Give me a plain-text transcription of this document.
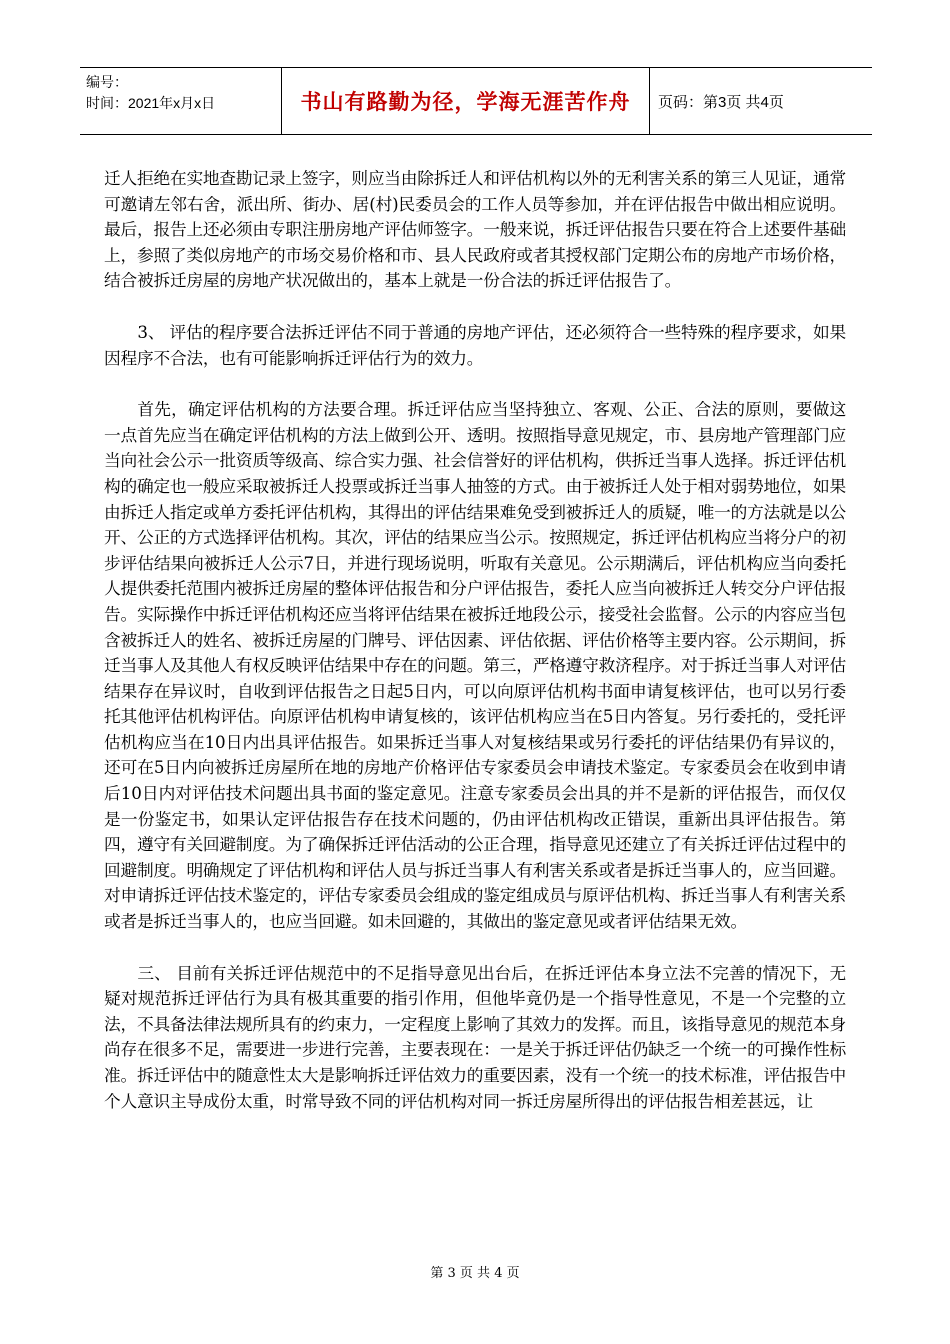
编号：
时间：2021年x月x日	书山有路勤为径，学海无涯苦作舟	页码：第3页 共4页

迁人拒绝在实地查勘记录上签字，则应当由除拆迁人和评估机构以外的无利害关系的第三人见证，通常可邀请左邻右舍，派出所、街办、居(村)民委员会的工作人员等参加，并在评估报告中做出相应说明。最后，报告上还必须由专职注册房地产评估师签字。一般来说，拆迁评估报告只要在符合上述要件基础上，参照了类似房地产的市场交易价格和市、县人民政府或者其授权部门定期公布的房地产市场价格，结合被拆迁房屋的房地产状况做出的，基本上就是一份合法的拆迁评估报告了。

3、 评估的程序要合法拆迁评估不同于普通的房地产评估，还必须符合一些特殊的程序要求，如果因程序不合法，也有可能影响拆迁评估行为的效力。

首先，确定评估机构的方法要合理。拆迁评估应当坚持独立、客观、公正、合法的原则，要做这一点首先应当在确定评估机构的方法上做到公开、透明。按照指导意见规定，市、县房地产管理部门应当向社会公示一批资质等级高、综合实力强、社会信誉好的评估机构，供拆迁当事人选择。拆迁评估机构的确定也一般应采取被拆迁人投票或拆迁当事人抽签的方式。由于被拆迁人处于相对弱势地位，如果由拆迁人指定或单方委托评估机构，其得出的评估结果难免受到被拆迁人的质疑，唯一的方法就是以公开、公正的方式选择评估机构。其次，评估的结果应当公示。按照规定，拆迁评估机构应当将分户的初步评估结果向被拆迁人公示7日，并进行现场说明，听取有关意见。公示期满后，评估机构应当向委托人提供委托范围内被拆迁房屋的整体评估报告和分户评估报告，委托人应当向被拆迁人转交分户评估报告。实际操作中拆迁评估机构还应当将评估结果在被拆迁地段公示，接受社会监督。公示的内容应当包含被拆迁人的姓名、被拆迁房屋的门牌号、评估因素、评估依据、评估价格等主要内容。公示期间，拆迁当事人及其他人有权反映评估结果中存在的问题。第三，严格遵守救济程序。对于拆迁当事人对评估结果存在异议时，自收到评估报告之日起5日内，可以向原评估机构书面申请复核评估，也可以另行委托其他评估机构评估。向原评估机构申请复核的，该评估机构应当在5日内答复。另行委托的，受托评估机构应当在10日内出具评估报告。如果拆迁当事人对复核结果或另行委托的评估结果仍有异议的，还可在5日内向被拆迁房屋所在地的房地产价格评估专家委员会申请技术鉴定。专家委员会在收到申请后10日内对评估技术问题出具书面的鉴定意见。注意专家委员会出具的并不是新的评估报告，而仅仅是一份鉴定书，如果认定评估报告存在技术问题的，仍由评估机构改正错误，重新出具评估报告。第四，遵守有关回避制度。为了确保拆迁评估活动的公正合理，指导意见还建立了有关拆迁评估过程中的回避制度。明确规定了评估机构和评估人员与拆迁当事人有利害关系或者是拆迁当事人的，应当回避。对申请拆迁评估技术鉴定的，评估专家委员会组成的鉴定组成员与原评估机构、拆迁当事人有利害关系或者是拆迁当事人的，也应当回避。如未回避的，其做出的鉴定意见或者评估结果无效。

三、 目前有关拆迁评估规范中的不足指导意见出台后，在拆迁评估本身立法不完善的情况下，无疑对规范拆迁评估行为具有极其重要的指引作用，但他毕竟仍是一个指导性意见，不是一个完整的立法，不具备法律法规所具有的约束力，一定程度上影响了其效力的发挥。而且，该指导意见的规范本身尚存在很多不足，需要进一步进行完善，主要表现在：一是关于拆迁评估仍缺乏一个统一的可操作性标准。拆迁评估中的随意性太大是影响拆迁评估效力的重要因素，没有一个统一的技术标准，评估报告中个人意识主导成份太重，时常导致不同的评估机构对同一拆迁房屋所得出的评估报告相差甚远，让

第 3 页 共 4 页
